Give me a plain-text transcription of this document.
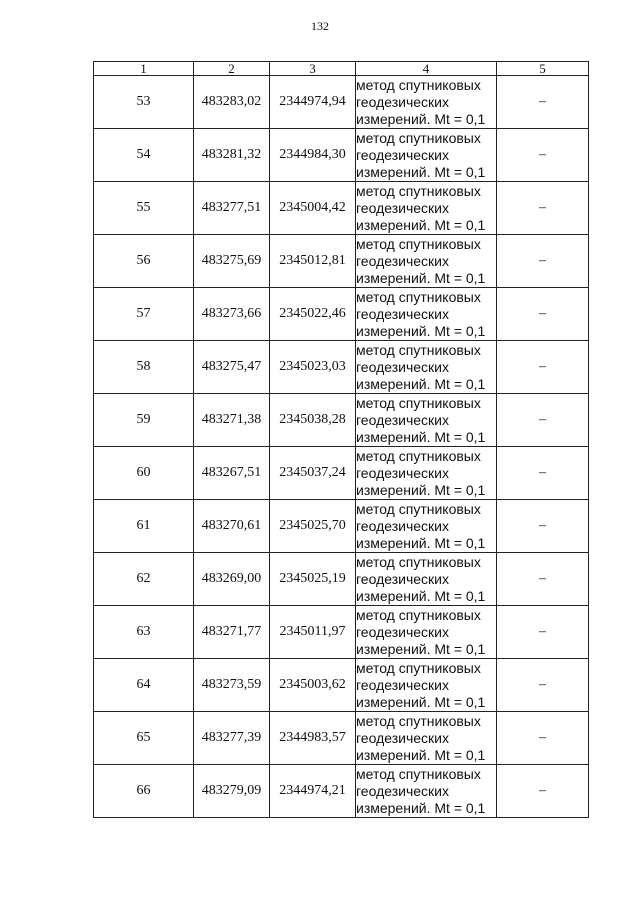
132
1	2	3	4	5
53	483283,02	2344974,94	метод спутниковых
геодезических
измерений. Mt = 0,1	–
54	483281,32	2344984,30	метод спутниковых
геодезических
измерений. Mt = 0,1	–
55	483277,51	2345004,42	метод спутниковых
геодезических
измерений. Mt = 0,1	–
56	483275,69	2345012,81	метод спутниковых
геодезических
измерений. Mt = 0,1	–
57	483273,66	2345022,46	метод спутниковых
геодезических
измерений. Mt = 0,1	–
58	483275,47	2345023,03	метод спутниковых
геодезических
измерений. Mt = 0,1	–
59	483271,38	2345038,28	метод спутниковых
геодезических
измерений. Mt = 0,1	–
60	483267,51	2345037,24	метод спутниковых
геодезических
измерений. Mt = 0,1	–
61	483270,61	2345025,70	метод спутниковых
геодезических
измерений. Mt = 0,1	–
62	483269,00	2345025,19	метод спутниковых
геодезических
измерений. Mt = 0,1	–
63	483271,77	2345011,97	метод спутниковых
геодезических
измерений. Mt = 0,1	–
64	483273,59	2345003,62	метод спутниковых
геодезических
измерений. Mt = 0,1	–
65	483277,39	2344983,57	метод спутниковых
геодезических
измерений. Mt = 0,1	–
66	483279,09	2344974,21	метод спутниковых
геодезических
измерений. Mt = 0,1	–
